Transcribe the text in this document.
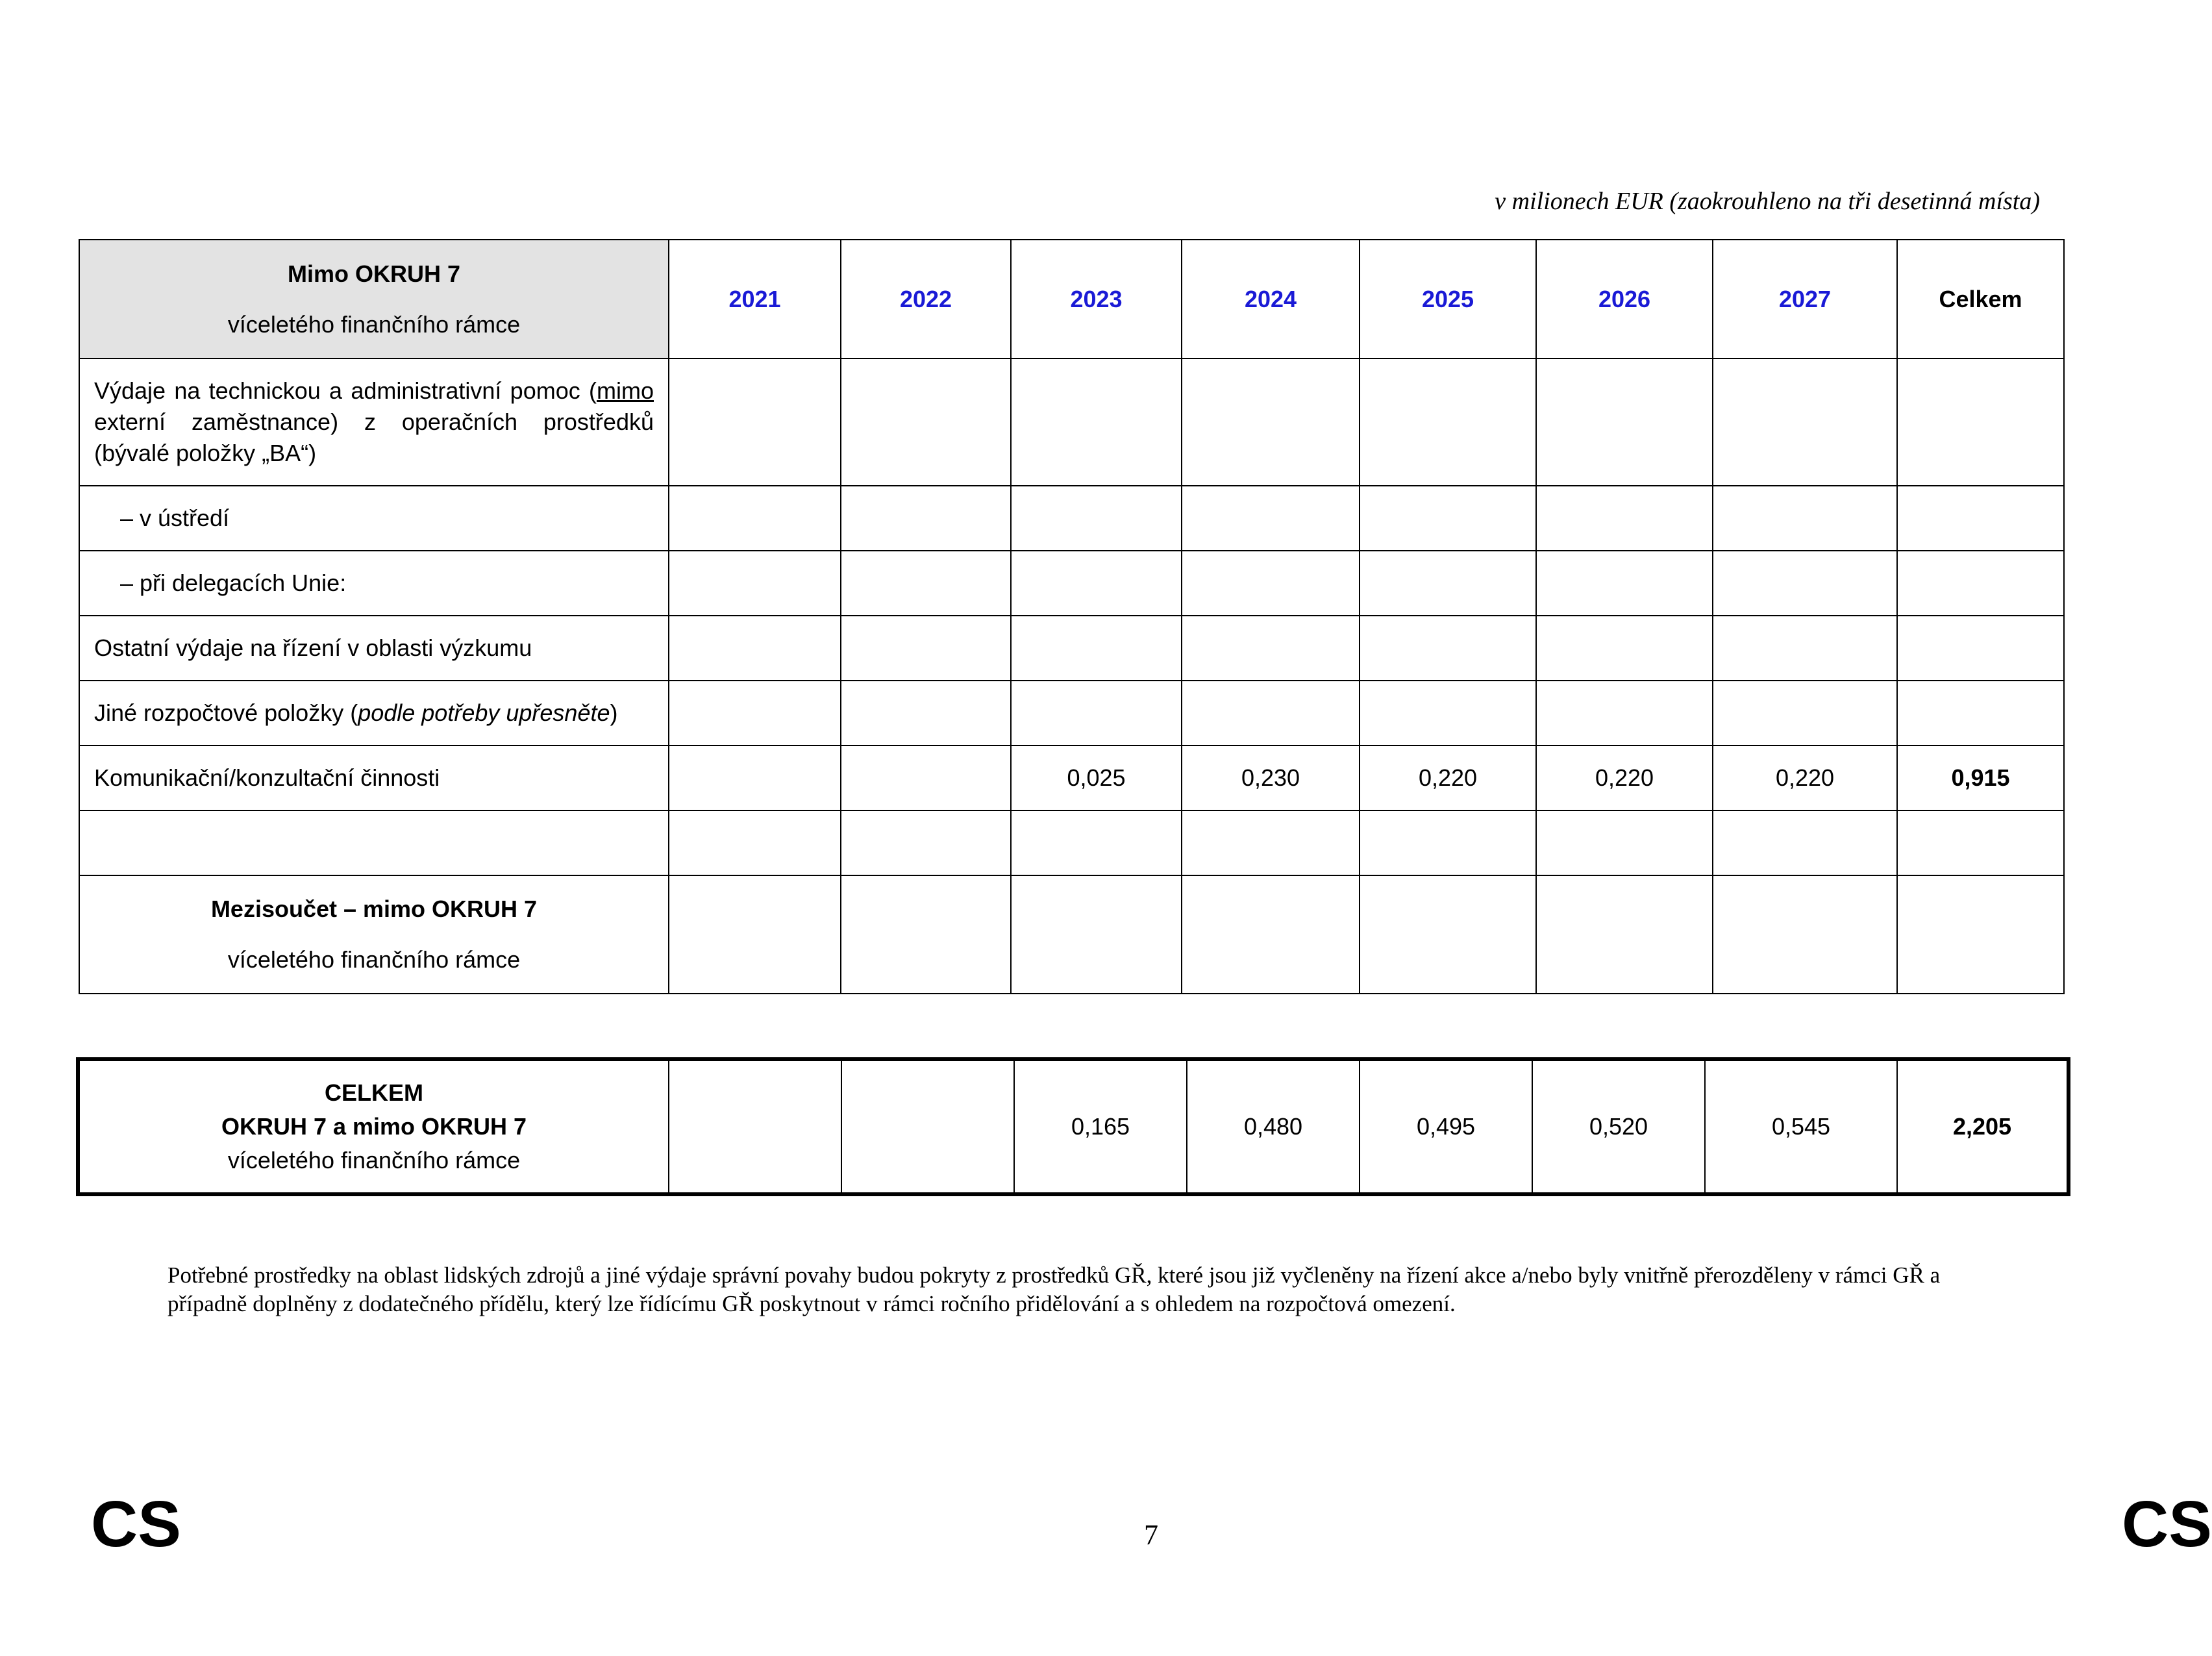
v milionech EUR (zaokrouhleno na tři desetinná místa)
Mimo OKRUH 7
víceletého finančního rámce	2021	2022	2023	2024	2025	2026	2027	Celkem
Výdaje na technickou a administrativní pomoc (mimo externí zaměstnance) z operačních prostředků (bývalé položky „BA“)								
– v ústředí								
– při delegacích Unie:								
Ostatní výdaje na řízení v oblasti výzkumu								
Jiné rozpočtové položky (podle potřeby upřesněte)								
Komunikační/konzultační činnosti			0,025	0,230	0,220	0,220	0,220	0,915

Mezisoučet – mimo OKRUH 7
víceletého finančního rámce								

CELKEM
OKRUH 7 a mimo OKRUH 7
víceletého finančního rámce
			0,165	0,480	0,495	0,520	0,545	2,205
Potřebné prostředky na oblast lidských zdrojů a jiné výdaje správní povahy budou pokryty z prostředků GŘ, které jsou již vyčleněny na řízení akce a/nebo byly vnitřně přerozděleny v rámci GŘ a případně doplněny z dodatečného přídělu, který lze řídícímu GŘ poskytnout v rámci ročního přidělování a s ohledem na rozpočtová omezení.
CS	7	CS
